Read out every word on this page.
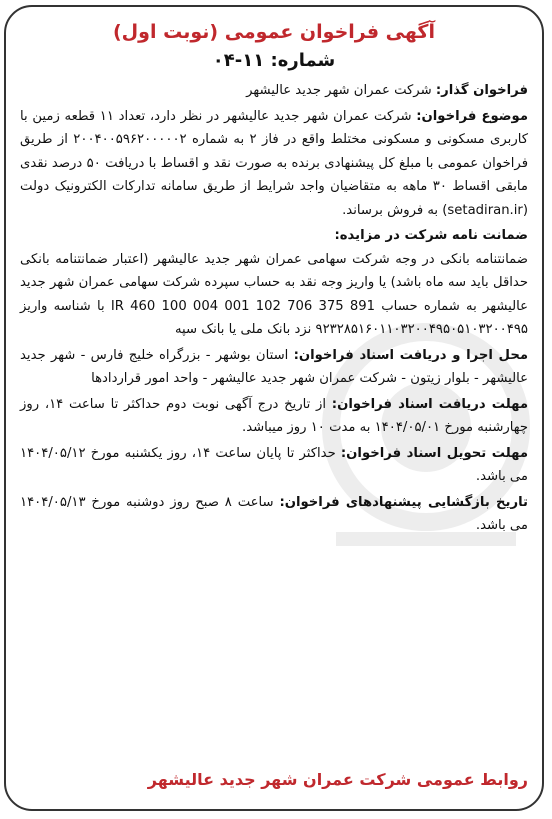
آگهی فراخوان عمومی (نوبت اول)

شماره: ۱۱-۰۴

فراخوان گذار: شرکت عمران شهر جدید عالیشهر

موضوع فراخوان: شرکت عمران شهر جدید عالیشهر در نظر دارد، تعداد ۱۱ قطعه زمین با کاربری مسکونی و مسکونی مختلط واقع در فاز ۲ به شماره ۲۰۰۴۰۰۵۹۶۲۰۰۰۰۰۲ از طریق فراخوان عمومی با مبلغ کل پیشنهادی برنده به صورت نقد و اقساط با دریافت ۵۰ درصد نقدی مابقی اقساط ۳۰ ماهه به متقاضیان واجد شرایط از طریق سامانه تدارکات الکترونیک دولت (setadiran.ir) به فروش برساند.

ضمانت نامه شرکت در مزایده:
ضمانتنامه بانکی در وجه شرکت سهامی عمران شهر جدید عالیشهر (اعتبار ضمانتنامه بانکی حداقل باید سه ماه باشد) یا واریز وجه نقد به حساب سپرده شرکت سهامی عمران شهر جدید عالیشهر به شماره حساب IR 460 100 004 001 102 706 375 891 با شناسه واریز ۹۲۳۲۸۵۱۶۰۱۱۰۳۲۰۰۴۹۵۰۵۱۰۳۲۰۰۴۹۵ نزد بانک ملی یا بانک سپه

محل اجرا و دریافت اسناد فراخوان: استان بوشهر - بزرگراه خلیج فارس - شهر جدید عالیشهر - بلوار زیتون - شرکت عمران شهر جدید عالیشهر - واحد امور قراردادها

مهلت دریافت اسناد فراخوان: از تاریخ درج آگهی نوبت دوم حداکثر تا ساعت ۱۴، روز چهارشنبه مورخ ۱۴۰۴/۰۵/۰۱ به مدت ۱۰ روز میباشد.

مهلت تحویل اسناد فراخوان: حداکثر تا پایان ساعت ۱۴، روز یکشنبه مورخ ۱۴۰۴/۰۵/۱۲ می باشد.

تاریخ بازگشایی پیشنهادهای فراخوان: ساعت ۸ صبح روز دوشنبه مورخ ۱۴۰۴/۰۵/۱۳ می باشد.

روابط عمومی شرکت عمران شهر جدید عالیشهر
